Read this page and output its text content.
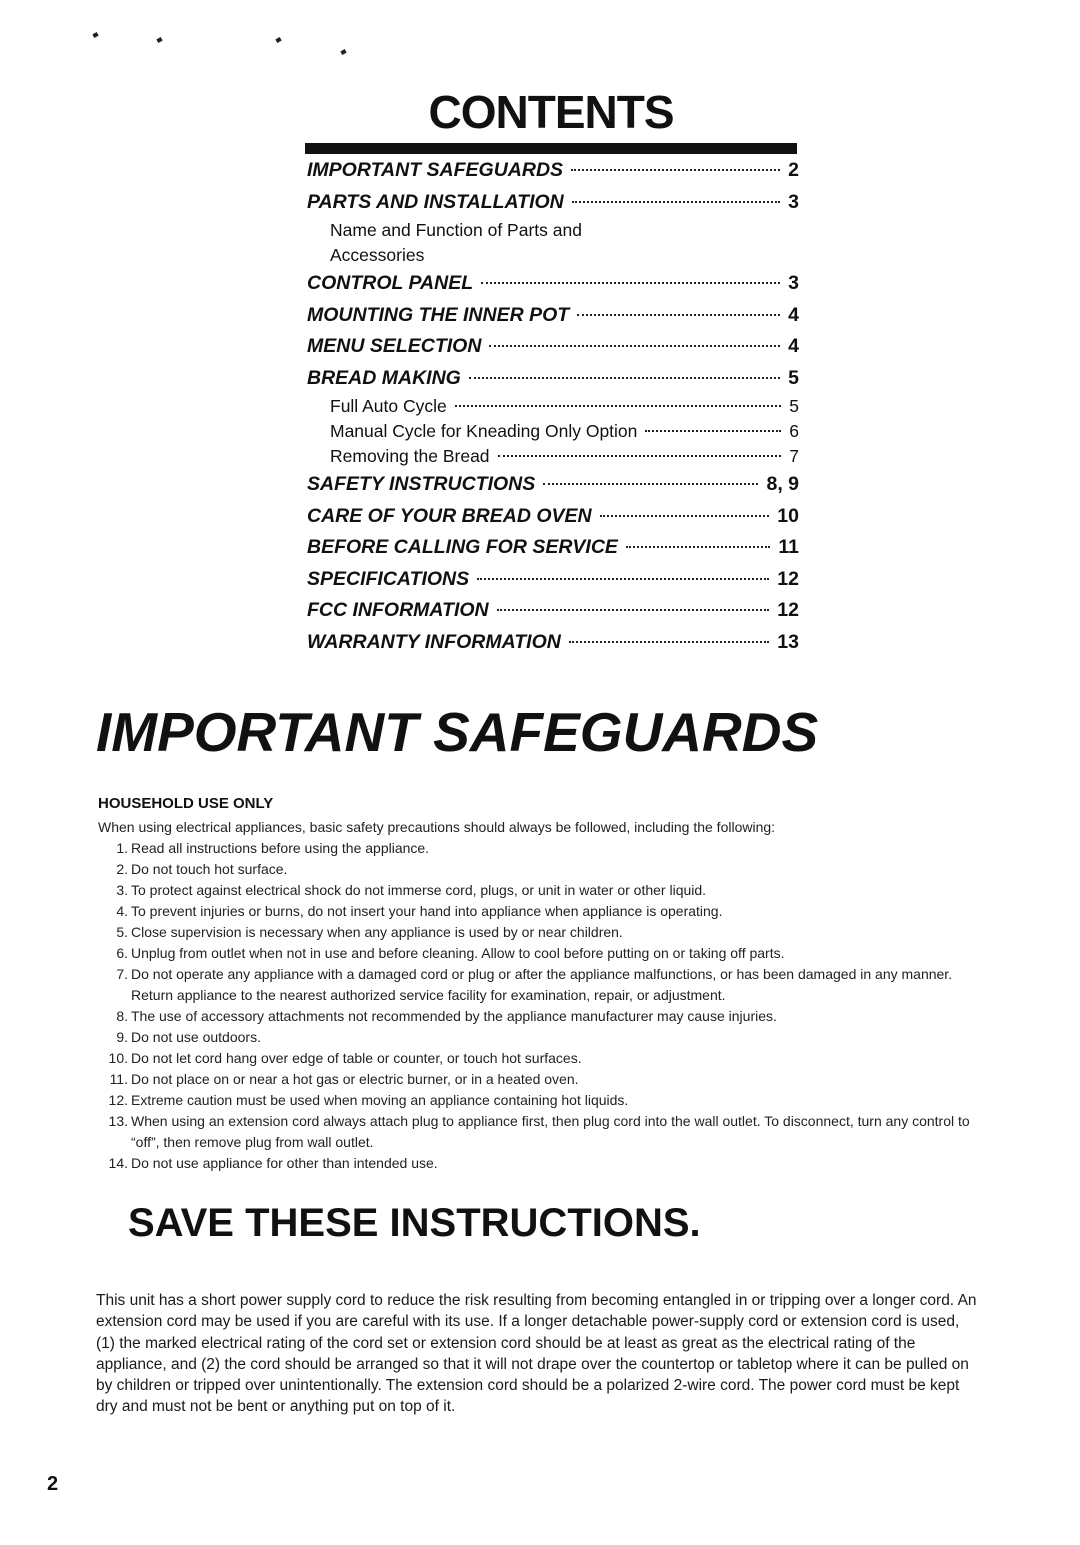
CONTENTS
IMPORTANT SAFEGUARDS	2
PARTS AND INSTALLATION	3
Name and Function of Parts and
Accessories
CONTROL PANEL	3
MOUNTING THE INNER POT	4
MENU SELECTION	4
BREAD MAKING	5
Full Auto Cycle	5
Manual Cycle for Kneading Only Option	6
Removing the Bread	7
SAFETY INSTRUCTIONS	8, 9
CARE OF YOUR BREAD OVEN	10
BEFORE CALLING FOR SERVICE	11
SPECIFICATIONS	12
FCC INFORMATION	12
WARRANTY INFORMATION	13
IMPORTANT SAFEGUARDS
HOUSEHOLD USE ONLY
When using electrical appliances, basic safety precautions should always be followed, including the following:
1. Read all instructions before using the appliance.
2. Do not touch hot surface.
3. To protect against electrical shock do not immerse cord, plugs, or unit in water or other liquid.
4. To prevent injuries or burns, do not insert your hand into appliance when appliance is operating.
5. Close supervision is necessary when any appliance is used by or near children.
6. Unplug from outlet when not in use and before cleaning. Allow to cool before putting on or taking off parts.
7. Do not operate any appliance with a damaged cord or plug or after the appliance malfunctions, or has been damaged in any manner. Return appliance to the nearest authorized service facility for examination, repair, or adjustment.
8. The use of accessory attachments not recommended by the appliance manufacturer may cause injuries.
9. Do not use outdoors.
10. Do not let cord hang over edge of table or counter, or touch hot surfaces.
11. Do not place on or near a hot gas or electric burner, or in a heated oven.
12. Extreme caution must be used when moving an appliance containing hot liquids.
13. When using an extension cord always attach plug to appliance first, then plug cord into the wall outlet. To disconnect, turn any control to “off”, then remove plug from wall outlet.
14. Do not use appliance for other than intended use.
SAVE THESE INSTRUCTIONS.
This unit has a short power supply cord to reduce the risk resulting from becoming entangled in or tripping over a longer cord. An extension cord may be used if you are careful with its use. If a longer detachable power-supply cord or extension cord is used, (1) the marked electrical rating of the cord set or extension cord should be at least as great as the electrical rating of the appliance, and (2) the cord should be arranged so that it will not drape over the countertop or tabletop where it can be pulled on by children or tripped over unintentionally. The extension cord should be a polarized 2-wire cord. The power cord must be kept dry and must not be bent or anything put on top of it.
2
